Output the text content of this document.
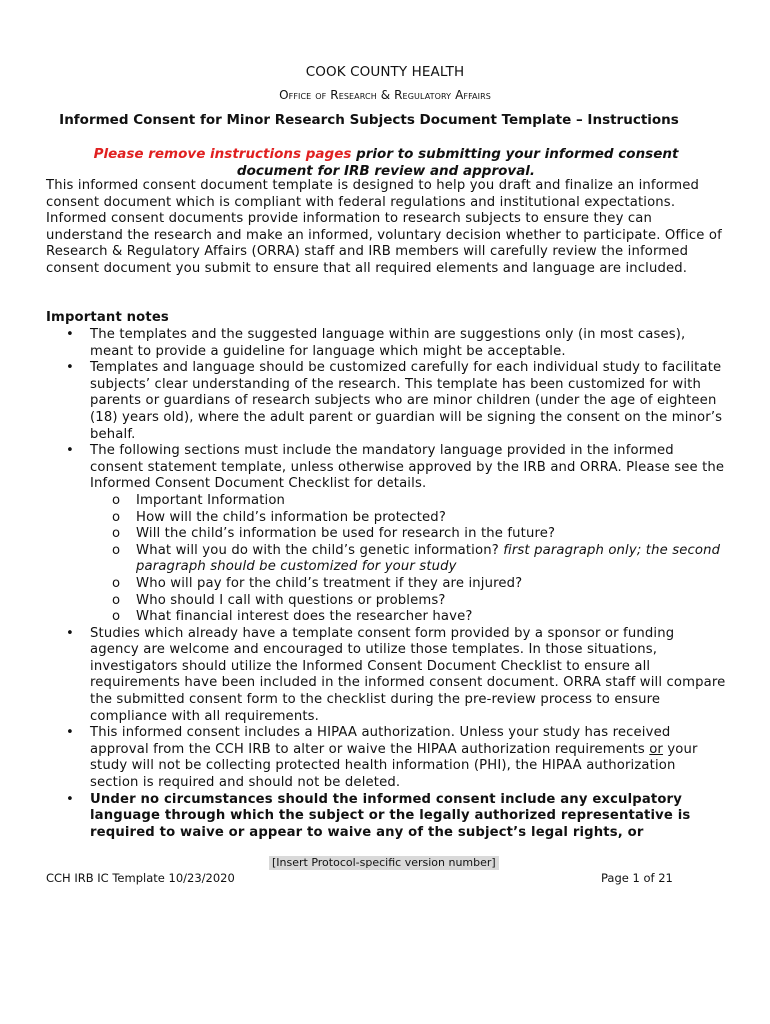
COOK COUNTY HEALTH
Office of Research & Regulatory Affairs
Informed Consent for Minor Research Subjects Document Template – Instructions
Please remove instructions pages prior to submitting your informed consent
document for IRB review and approval.
This informed consent document template is designed to help you draft and finalize an informed consent document which is compliant with federal regulations and institutional expectations. Informed consent documents provide information to research subjects to ensure they can understand the research and make an informed, voluntary decision whether to participate. Office of Research & Regulatory Affairs (ORRA) staff and IRB members will carefully review the informed consent document you submit to ensure that all required elements and language are included.
Important notes
• The templates and the suggested language within are suggestions only (in most cases), meant to provide a guideline for language which might be acceptable.
• Templates and language should be customized carefully for each individual study to facilitate subjects’ clear understanding of the research. This template has been customized for with parents or guardians of research subjects who are minor children (under the age of eighteen (18) years old), where the adult parent or guardian will be signing the consent on the minor’s behalf.
• The following sections must include the mandatory language provided in the informed consent statement template, unless otherwise approved by the IRB and ORRA. Please see the Informed Consent Document Checklist for details.
o Important Information
o How will the child’s information be protected?
o Will the child’s information be used for research in the future?
o What will you do with the child’s genetic information? first paragraph only; the second paragraph should be customized for your study
o Who will pay for the child’s treatment if they are injured?
o Who should I call with questions or problems?
o What financial interest does the researcher have?
• Studies which already have a template consent form provided by a sponsor or funding agency are welcome and encouraged to utilize those templates. In those situations, investigators should utilize the Informed Consent Document Checklist to ensure all requirements have been included in the informed consent document. ORRA staff will compare the submitted consent form to the checklist during the pre-review process to ensure compliance with all requirements.
• This informed consent includes a HIPAA authorization. Unless your study has received approval from the CCH IRB to alter or waive the HIPAA authorization requirements or your study will not be collecting protected health information (PHI), the HIPAA authorization section is required and should not be deleted.
• Under no circumstances should the informed consent include any exculpatory language through which the subject or the legally authorized representative is required to waive or appear to waive any of the subject’s legal rights, or
[Insert Protocol-specific version number]
CCH IRB IC Template 10/23/2020	Page 1 of 21
